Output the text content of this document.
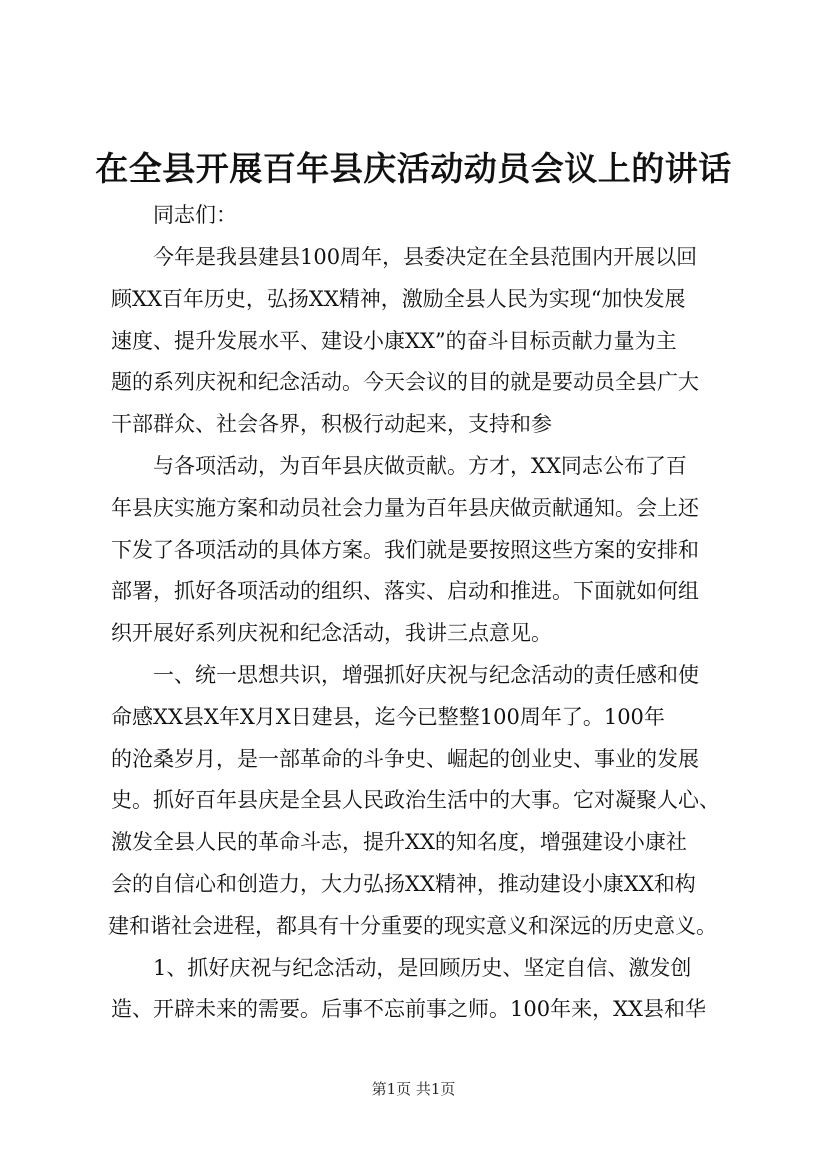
在全县开展百年县庆活动动员会议上的讲话
同志们：
今年是我县建县100周年，县委决定在全县范围内开展以回
顾XX百年历史，弘扬XX精神，激励全县人民为实现“加快发展
速度、提升发展水平、建设小康XX”的奋斗目标贡献力量为主
题的系列庆祝和纪念活动。今天会议的目的就是要动员全县广大
干部群众、社会各界，积极行动起来，支持和参
与各项活动，为百年县庆做贡献。方才，XX同志公布了百
年县庆实施方案和动员社会力量为百年县庆做贡献通知。会上还
下发了各项活动的具体方案。我们就是要按照这些方案的安排和
部署，抓好各项活动的组织、落实、启动和推进。下面就如何组
织开展好系列庆祝和纪念活动，我讲三点意见。
一、统一思想共识，增强抓好庆祝与纪念活动的责任感和使
命感XX县X年X月X日建县，迄今已整整100周年了。100年
的沧桑岁月，是一部革命的斗争史、崛起的创业史、事业的发展
史。抓好百年县庆是全县人民政治生活中的大事。它对凝聚人心、
激发全县人民的革命斗志，提升XX的知名度，增强建设小康社
会的自信心和创造力，大力弘扬XX精神，推动建设小康XX和构
建和谐社会进程，都具有十分重要的现实意义和深远的历史意义。
1、抓好庆祝与纪念活动，是回顾历史、坚定自信、激发创
造、开辟未来的需要。后事不忘前事之师。100年来，XX县和华
第1页 共1页
